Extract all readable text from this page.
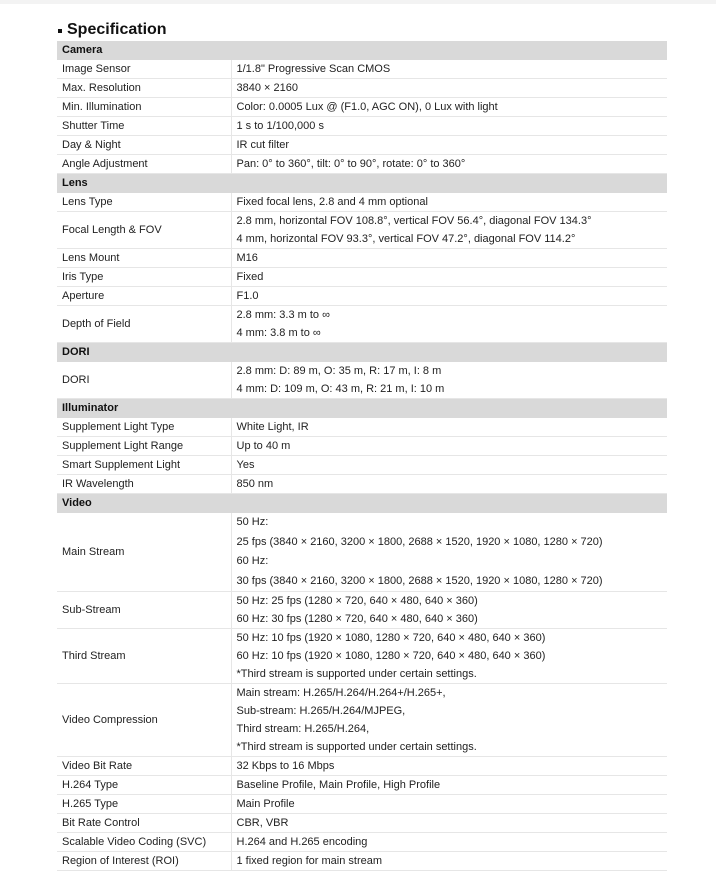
Specification
Camera	
Image Sensor	1/1.8" Progressive Scan CMOS

Max. Resolution	3840 × 2160

Min. Illumination	Color: 0.0005 Lux @ (F1.0, AGC ON), 0 Lux with light

Shutter Time	1 s to 1/100,000 s

Day & Night	IR cut filter

Angle Adjustment	Pan: 0° to 360°, tilt: 0° to 90°, rotate: 0° to 360°

Lens	
Lens Type	Fixed focal lens, 2.8 and 4 mm optional

Focal Length & FOV	2.8 mm, horizontal FOV 108.8°, vertical FOV 56.4°, diagonal FOV 134.3°
4 mm, horizontal FOV 93.3°, vertical FOV 47.2°, diagonal FOV 114.2°

Lens Mount	M16

Iris Type	Fixed

Aperture	F1.0

Depth of Field	2.8 mm: 3.3 m to ∞
4 mm: 3.8 m to ∞

DORI	
DORI	2.8 mm: D: 89 m, O: 35 m, R: 17 m, I: 8 m
4 mm: D: 109 m, O: 43 m, R: 21 m, I: 10 m

Illuminator	
Supplement Light Type	White Light, IR

Supplement Light Range	Up to 40 m

Smart Supplement Light	Yes

IR Wavelength	850 nm

Video	
Main Stream	50 Hz:
25 fps (3840 × 2160, 3200 × 1800, 2688 × 1520, 1920 × 1080, 1280 × 720)
60 Hz:
30 fps (3840 × 2160, 3200 × 1800, 2688 × 1520, 1920 × 1080, 1280 × 720)

Sub-Stream	50 Hz: 25 fps (1280 × 720, 640 × 480, 640 × 360)
60 Hz: 30 fps (1280 × 720, 640 × 480, 640 × 360)

Third Stream	50 Hz: 10 fps (1920 × 1080, 1280 × 720, 640 × 480, 640 × 360)
60 Hz: 10 fps (1920 × 1080, 1280 × 720, 640 × 480, 640 × 360)
*Third stream is supported under certain settings.

Video Compression	Main stream: H.265/H.264/H.264+/H.265+,
Sub-stream: H.265/H.264/MJPEG,
Third stream: H.265/H.264,
*Third stream is supported under certain settings.

Video Bit Rate	32 Kbps to 16 Mbps

H.264 Type	Baseline Profile, Main Profile, High Profile

H.265 Type	Main Profile

Bit Rate Control	CBR, VBR

Scalable Video Coding (SVC)	H.264 and H.265 encoding

Region of Interest (ROI)	1 fixed region for main stream
